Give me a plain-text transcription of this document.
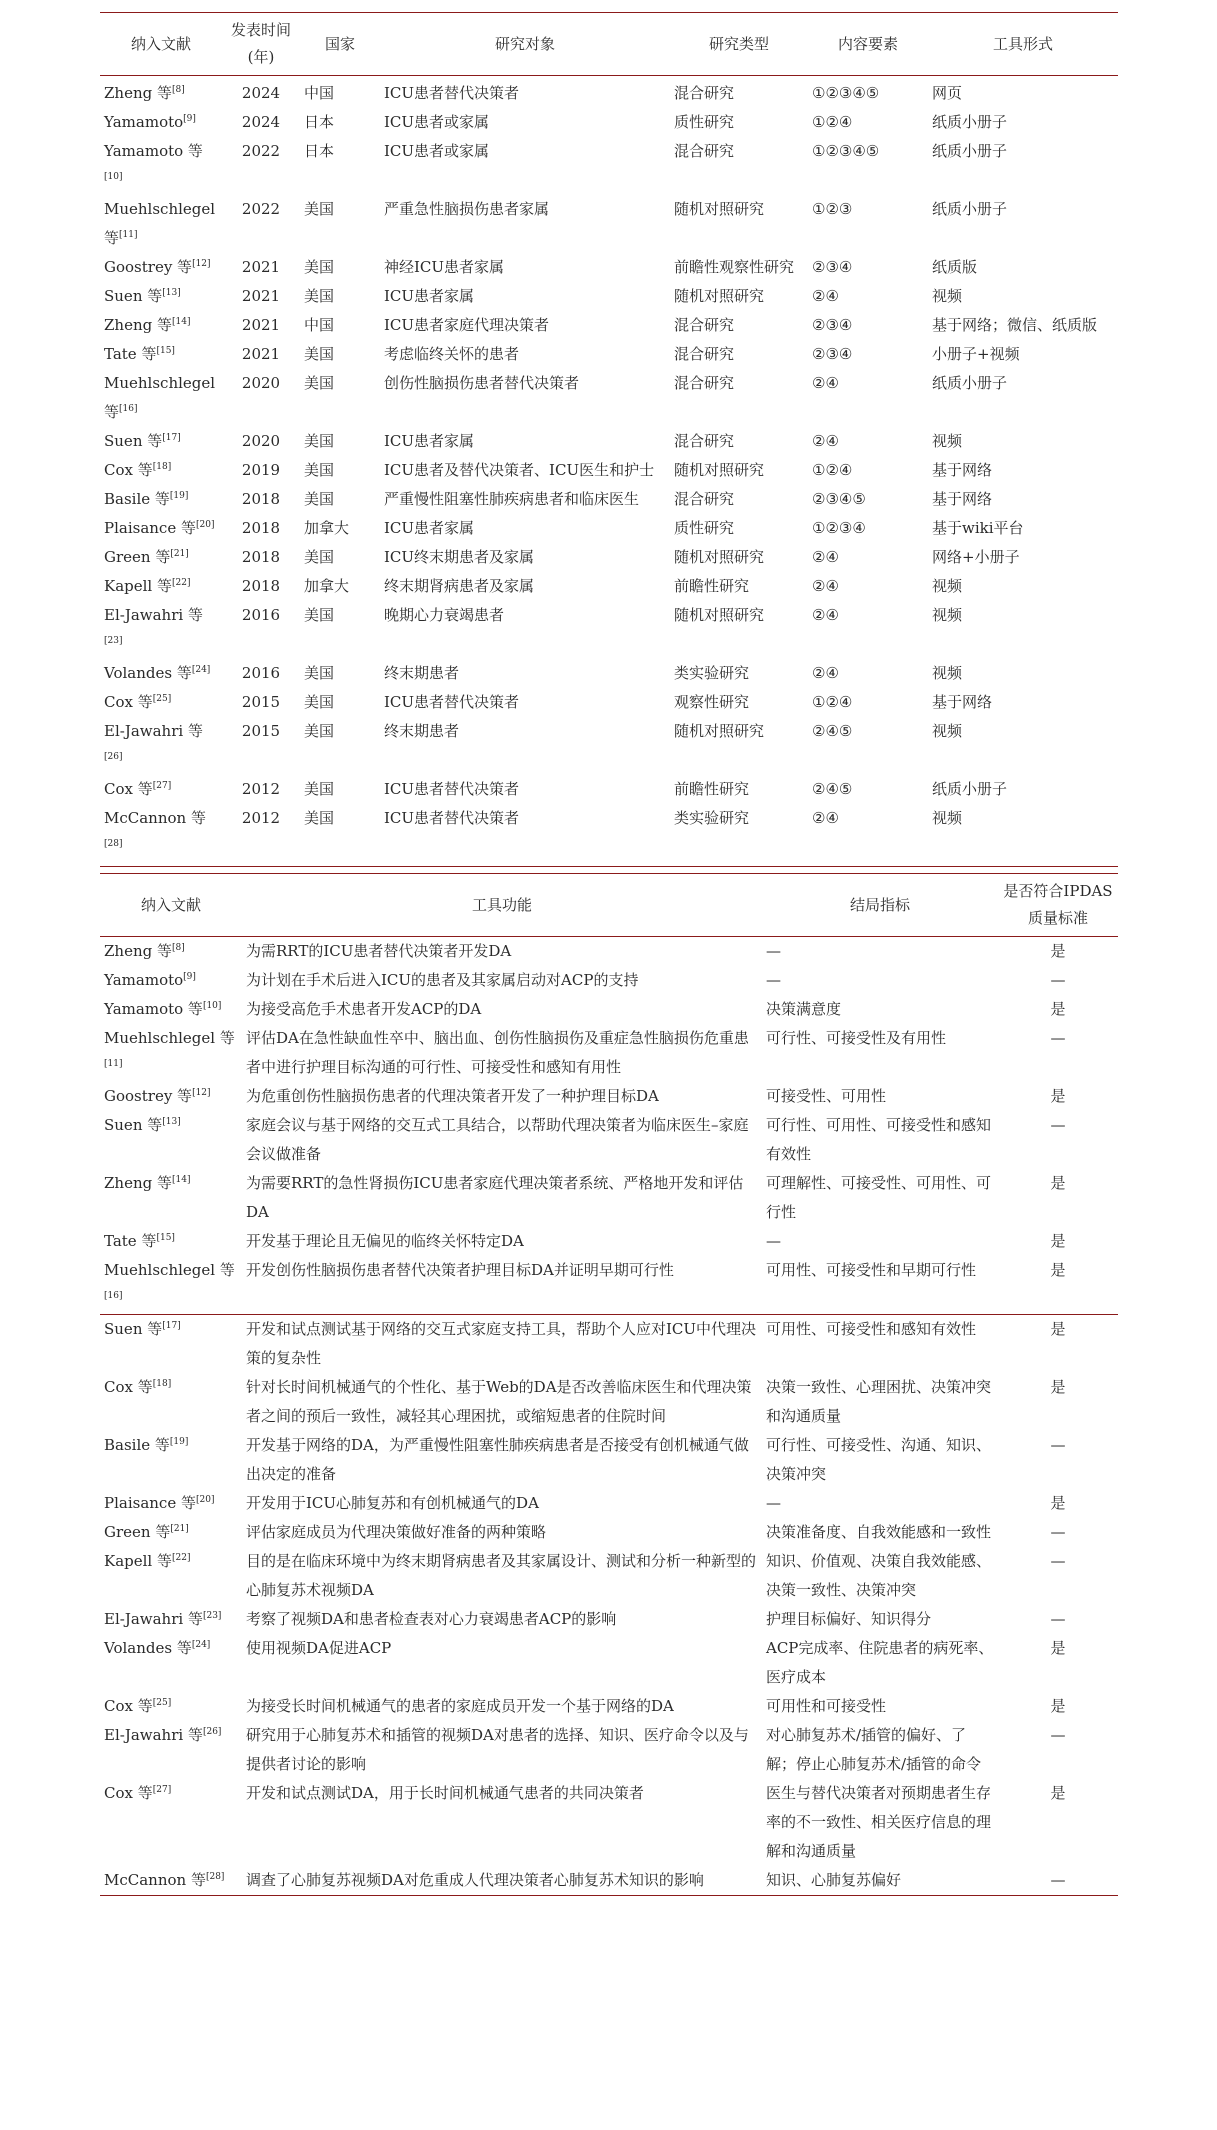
纳入文献	发表时间(年)	国家	研究对象	研究类型	内容要素	工具形式
Zheng 等[8]	2024	中国	ICU患者替代决策者	混合研究	①②③④⑤	网页
Yamamoto[9]	2024	日本	ICU患者或家属	质性研究	①②④	纸质小册子
Yamamoto 等[10]	2022	日本	ICU患者或家属	混合研究	①②③④⑤	纸质小册子
Muehlschlegel 等[11]	2022	美国	严重急性脑损伤患者家属	随机对照研究	①②③	纸质小册子
Goostrey 等[12]	2021	美国	神经ICU患者家属	前瞻性观察性研究	②③④	纸质版
Suen 等[13]	2021	美国	ICU患者家属	随机对照研究	②④	视频
Zheng 等[14]	2021	中国	ICU患者家庭代理决策者	混合研究	②③④	基于网络；微信、纸质版
Tate 等[15]	2021	美国	考虑临终关怀的患者	混合研究	②③④	小册子+视频
Muehlschlegel 等[16]	2020	美国	创伤性脑损伤患者替代决策者	混合研究	②④	纸质小册子
Suen 等[17]	2020	美国	ICU患者家属	混合研究	②④	视频
Cox 等[18]	2019	美国	ICU患者及替代决策者、ICU医生和护士	随机对照研究	①②④	基于网络
Basile 等[19]	2018	美国	严重慢性阻塞性肺疾病患者和临床医生	混合研究	②③④⑤	基于网络
Plaisance 等[20]	2018	加拿大	ICU患者家属	质性研究	①②③④	基于wiki平台
Green 等[21]	2018	美国	ICU终末期患者及家属	随机对照研究	②④	网络+小册子
Kapell 等[22]	2018	加拿大	终末期肾病患者及家属	前瞻性研究	②④	视频
El-Jawahri 等[23]	2016	美国	晚期心力衰竭患者	随机对照研究	②④	视频
Volandes 等[24]	2016	美国	终末期患者	类实验研究	②④	视频
Cox 等[25]	2015	美国	ICU患者替代决策者	观察性研究	①②④	基于网络
El-Jawahri 等[26]	2015	美国	终末期患者	随机对照研究	②④⑤	视频
Cox 等[27]	2012	美国	ICU患者替代决策者	前瞻性研究	②④⑤	纸质小册子
McCannon 等[28]	2012	美国	ICU患者替代决策者	类实验研究	②④	视频
纳入文献	工具功能	结局指标	是否符合IPDAS质量标准
Zheng 等[8]	为需RRT的ICU患者替代决策者开发DA	—	是
Yamamoto[9]	为计划在手术后进入ICU的患者及其家属启动对ACP的支持	—	—
Yamamoto 等[10]	为接受高危手术患者开发ACP的DA	决策满意度	是
Muehlschlegel 等[11]	评估DA在急性缺血性卒中、脑出血、创伤性脑损伤及重症急性脑损伤危重患者中进行护理目标沟通的可行性、可接受性和感知有用性	可行性、可接受性及有用性	—
Goostrey 等[12]	为危重创伤性脑损伤患者的代理决策者开发了一种护理目标DA	可接受性、可用性	是
Suen 等[13]	家庭会议与基于网络的交互式工具结合，以帮助代理决策者为临床医生–家庭会议做准备	可行性、可用性、可接受性和感知有效性	—
Zheng 等[14]	为需要RRT的急性肾损伤ICU患者家庭代理决策者系统、严格地开发和评估DA	可理解性、可接受性、可用性、可行性	是
Tate 等[15]	开发基于理论且无偏见的临终关怀特定DA	—	是
Muehlschlegel 等[16]	开发创伤性脑损伤患者替代决策者护理目标DA并证明早期可行性	可用性、可接受性和早期可行性	是
Suen 等[17]	开发和试点测试基于网络的交互式家庭支持工具，帮助个人应对ICU中代理决策的复杂性	可用性、可接受性和感知有效性	是
Cox 等[18]	针对长时间机械通气的个性化、基于Web的DA是否改善临床医生和代理决策者之间的预后一致性，减轻其心理困扰，或缩短患者的住院时间	决策一致性、心理困扰、决策冲突和沟通质量	是
Basile 等[19]	开发基于网络的DA，为严重慢性阻塞性肺疾病患者是否接受有创机械通气做出决定的准备	可行性、可接受性、沟通、知识、决策冲突	—
Plaisance 等[20]	开发用于ICU心肺复苏和有创机械通气的DA	—	是
Green 等[21]	评估家庭成员为代理决策做好准备的两种策略	决策准备度、自我效能感和一致性	—
Kapell 等[22]	目的是在临床环境中为终末期肾病患者及其家属设计、测试和分析一种新型的心肺复苏术视频DA	知识、价值观、决策自我效能感、决策一致性、决策冲突	—
El-Jawahri 等[23]	考察了视频DA和患者检查表对心力衰竭患者ACP的影响	护理目标偏好、知识得分	—
Volandes 等[24]	使用视频DA促进ACP	ACP完成率、住院患者的病死率、医疗成本	是
Cox 等[25]	为接受长时间机械通气的患者的家庭成员开发一个基于网络的DA	可用性和可接受性	是
El-Jawahri 等[26]	研究用于心肺复苏术和插管的视频DA对患者的选择、知识、医疗命令以及与提供者讨论的影响	对心肺复苏术/插管的偏好、了解；停止心肺复苏术/插管的命令	—
Cox 等[27]	开发和试点测试DA，用于长时间机械通气患者的共同决策者	医生与替代决策者对预期患者生存率的不一致性、相关医疗信息的理解和沟通质量	是
McCannon 等[28]	调查了心肺复苏视频DA对危重成人代理决策者心肺复苏术知识的影响	知识、心肺复苏偏好	—
